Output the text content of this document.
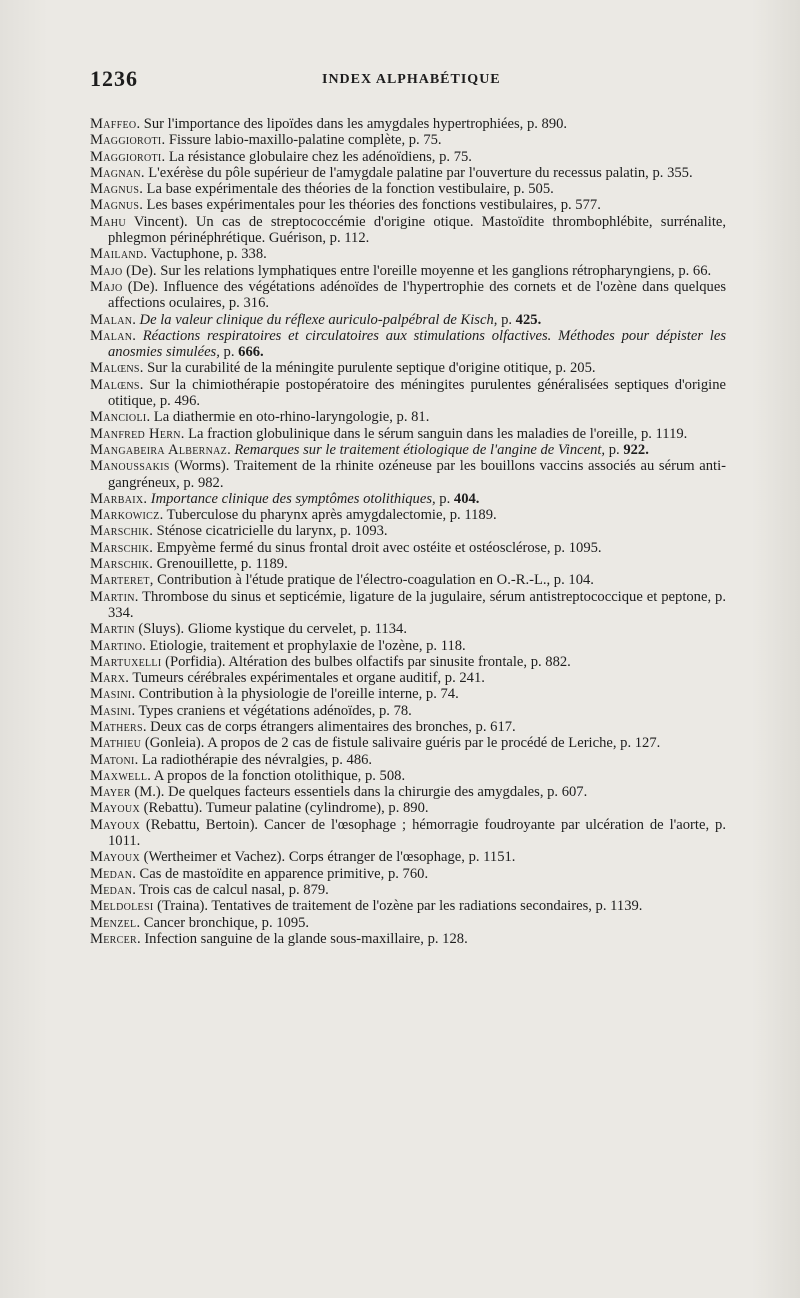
1236	INDEX ALPHABÉTIQUE

Maffeo. Sur l'importance des lipoïdes dans les amygdales hypertrophiées, p. 890.

Maggioroti. Fissure labio-maxillo-palatine complète, p. 75.

Maggioroti. La résistance globulaire chez les adénoïdiens, p. 75.

Magnan. L'exérèse du pôle supérieur de l'amygdale palatine par l'ouverture du recessus palatin, p. 355.

Magnus. La base expérimentale des théories de la fonction vestibulaire, p. 505.

Magnus. Les bases expérimentales pour les théories des fonctions vestibulaires, p. 577.

Mahu Vincent). Un cas de streptococcémie d'origine otique. Mastoïdite thrombophlébite, surrénalite, phlegmon périnéphrétique. Guérison, p. 112.

Mailand. Vactuphone, p. 338.

Majo (De). Sur les relations lymphatiques entre l'oreille moyenne et les ganglions rétropharyngiens, p. 66.

Majo (De). Influence des végétations adénoïdes de l'hypertrophie des cornets et de l'ozène dans quelques affections oculaires, p. 316.

Malan. De la valeur clinique du réflexe auriculo-palpébral de Kisch, p. 425.

Malan. Réactions respiratoires et circulatoires aux stimulations olfactives. Méthodes pour dépister les anosmies simulées, p. 666.

Malœns. Sur la curabilité de la méningite purulente septique d'origine otitique, p. 205.

Malœns. Sur la chimiothérapie postopératoire des méningites purulentes généralisées septiques d'origine otitique, p. 496.

Mancioli. La diathermie en oto-rhino-laryngologie, p. 81.

Manfred Hern. La fraction globulinique dans le sérum sanguin dans les maladies de l'oreille, p. 1119.

Mangabeira Albernaz. Remarques sur le traitement étiologique de l'angine de Vincent, p. 922.

Manoussakis (Worms). Traitement de la rhinite ozéneuse par les bouillons vaccins associés au sérum anti-gangréneux, p. 982.

Marbaix. Importance clinique des symptômes otolithiques, p. 404.

Markowicz. Tuberculose du pharynx après amygdalectomie, p. 1189.

Marschik. Sténose cicatricielle du larynx, p. 1093.

Marschik. Empyème fermé du sinus frontal droit avec ostéite et ostéosclérose, p. 1095.

Marschik. Grenouillette, p. 1189.

Marteret, Contribution à l'étude pratique de l'électro-coagulation en O.-R.-L., p. 104.

Martin. Thrombose du sinus et septicémie, ligature de la jugulaire, sérum antistreptococcique et peptone, p. 334.

Martin (Sluys). Gliome kystique du cervelet, p. 1134.

Martino. Etiologie, traitement et prophylaxie de l'ozène, p. 118.

Martuxelli (Porfidia). Altération des bulbes olfactifs par sinusite frontale, p. 882.

Marx. Tumeurs cérébrales expérimentales et organe auditif, p. 241.

Masini. Contribution à la physiologie de l'oreille interne, p. 74.

Masini. Types craniens et végétations adénoïdes, p. 78.

Mathers. Deux cas de corps étrangers alimentaires des bronches, p. 617.

Mathieu (Gonleia). A propos de 2 cas de fistule salivaire guéris par le procédé de Leriche, p. 127.

Matoni. La radiothérapie des névralgies, p. 486.

Maxwell. A propos de la fonction otolithique, p. 508.

Mayer (M.). De quelques facteurs essentiels dans la chirurgie des amygdales, p. 607.

Mayoux (Rebattu). Tumeur palatine (cylindrome), p. 890.

Mayoux (Rebattu, Bertoin). Cancer de l'œsophage ; hémorragie foudroyante par ulcération de l'aorte, p. 1011.

Mayoux (Wertheimer et Vachez). Corps étranger de l'œsophage, p. 1151.

Medan. Cas de mastoïdite en apparence primitive, p. 760.

Medan. Trois cas de calcul nasal, p. 879.

Meldolesi (Traina). Tentatives de traitement de l'ozène par les radiations secondaires, p. 1139.

Menzel. Cancer bronchique, p. 1095.

Mercer. Infection sanguine de la glande sous-maxillaire, p. 128.
